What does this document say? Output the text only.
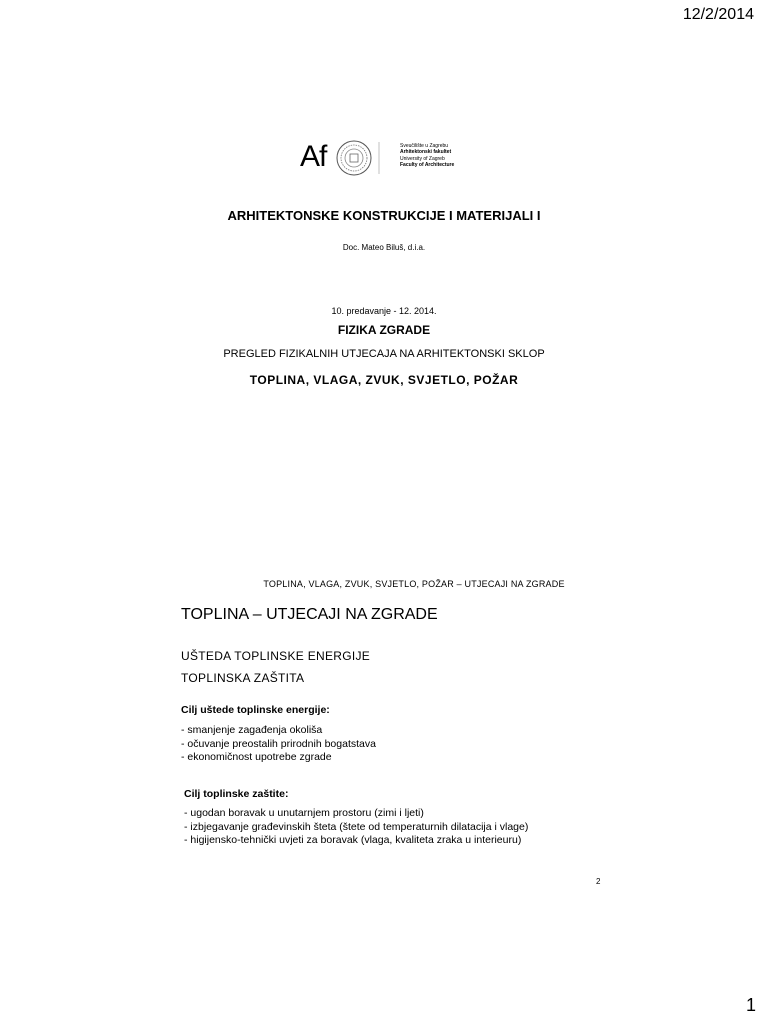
12/2/2014
Af	Sveučilište u Zagrebu
Arhitektonski fakultet
University of Zagreb
Faculty of Architecture
ARHITEKTONSKE KONSTRUKCIJE I MATERIJALI I
Doc. Mateo Biluš, d.i.a.
10. predavanje - 12. 2014.
FIZIKA ZGRADE
PREGLED FIZIKALNIH UTJECAJA NA ARHITEKTONSKI SKLOP
TOPLINA, VLAGA, ZVUK, SVJETLO, POŽAR
TOPLINA, VLAGA, ZVUK, SVJETLO, POŽAR – UTJECAJI NA ZGRADE
TOPLINA – UTJECAJI NA ZGRADE
UŠTEDA TOPLINSKE ENERGIJE
TOPLINSKA ZAŠTITA
Cilj uštede toplinske energije:
- smanjenje zagađenja okoliša
- očuvanje preostalih prirodnih bogatstava
- ekonomičnost upotrebe zgrade
Cilj toplinske zaštite:
- ugodan boravak u unutarnjem prostoru (zimi i ljeti)
- izbjegavanje građevinskih šteta (štete od temperaturnih dilatacija i vlage)
- higijensko-tehnički uvjeti za boravak (vlaga, kvaliteta zraka u interieuru)
2
1
